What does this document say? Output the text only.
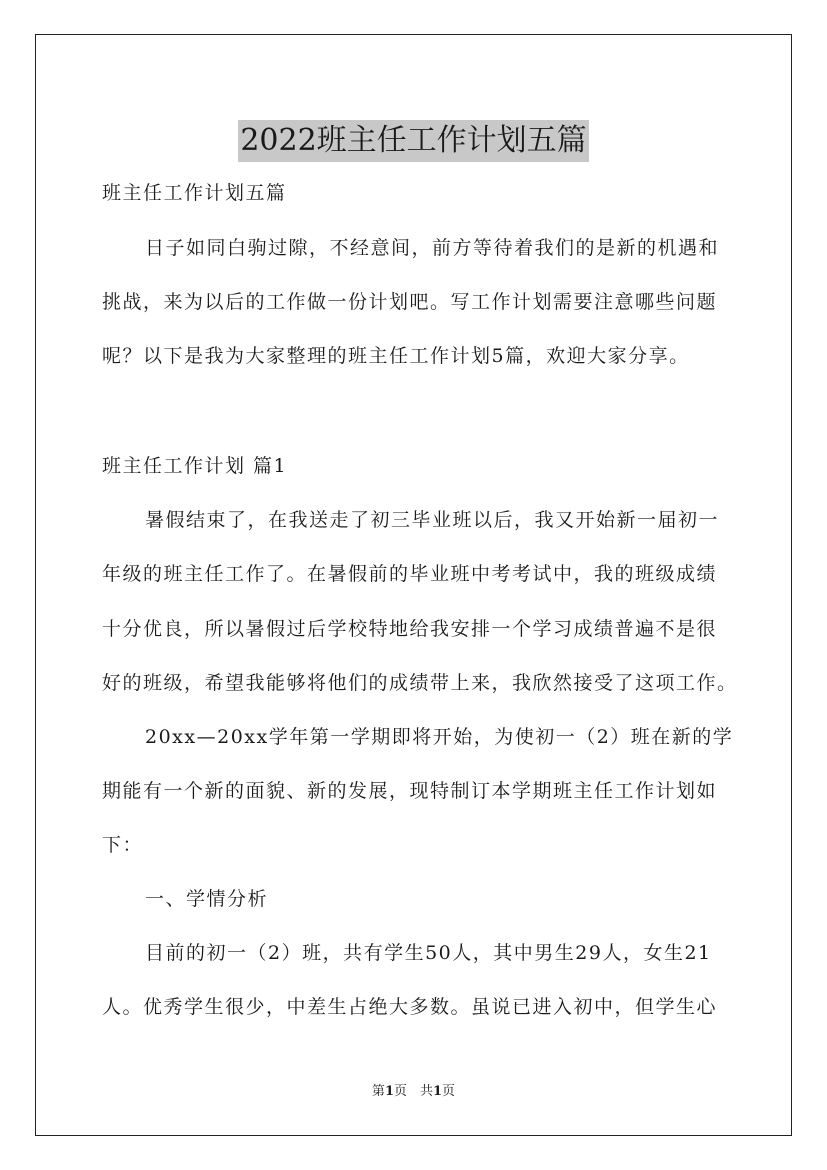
2022班主任工作计划五篇
班主任工作计划五篇
日子如同白驹过隙，不经意间，前方等待着我们的是新的机遇和
挑战，来为以后的工作做一份计划吧。写工作计划需要注意哪些问题
呢？以下是我为大家整理的班主任工作计划5篇，欢迎大家分享。
班主任工作计划 篇1
暑假结束了，在我送走了初三毕业班以后，我又开始新一届初一
年级的班主任工作了。在暑假前的毕业班中考考试中，我的班级成绩
十分优良，所以暑假过后学校特地给我安排一个学习成绩普遍不是很
好的班级，希望我能够将他们的成绩带上来，我欣然接受了这项工作。
20xx—20xx学年第一学期即将开始，为使初一（2）班在新的学
期能有一个新的面貌、新的发展，现特制订本学期班主任工作计划如
下：
一、学情分析
目前的初一（2）班，共有学生50人，其中男生29人，女生21
人。优秀学生很少，中差生占绝大多数。虽说已进入初中，但学生心
第1页　共1页
